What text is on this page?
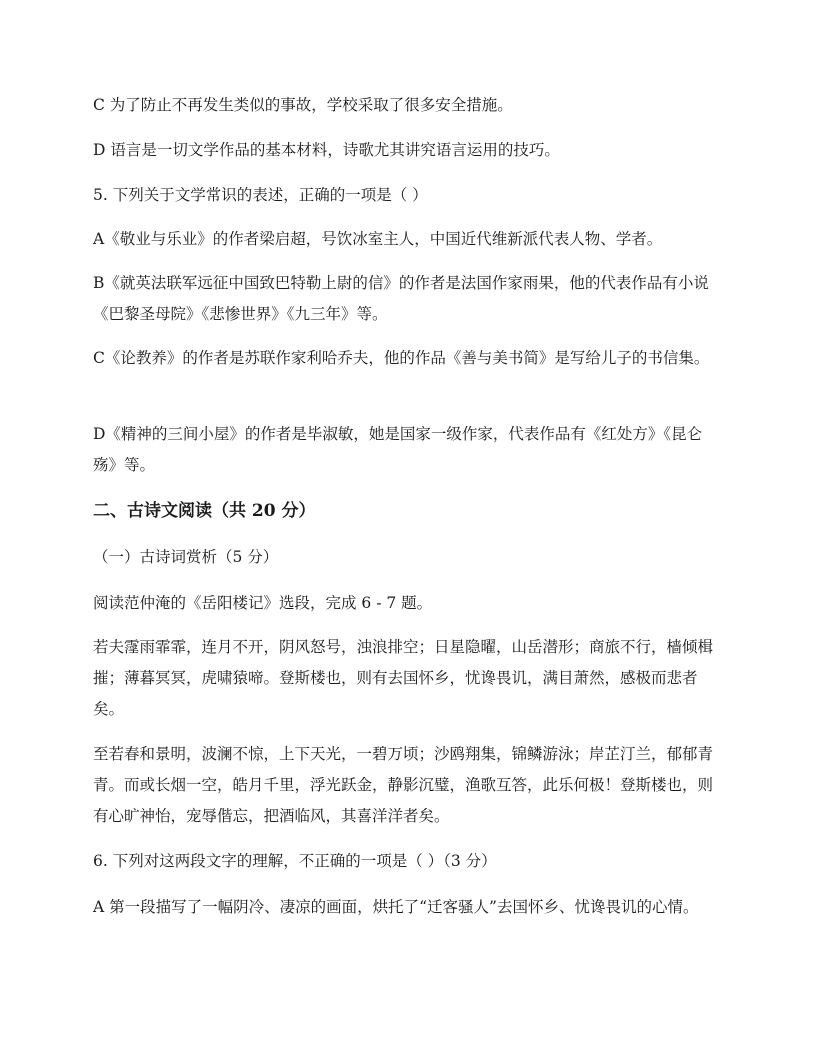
C 为了防止不再发生类似的事故，学校采取了很多安全措施。

D 语言是一切文学作品的基本材料，诗歌尤其讲究语言运用的技巧。

5. 下列关于文学常识的表述，正确的一项是（ ）

A《敬业与乐业》的作者梁启超，号饮冰室主人，中国近代维新派代表人物、学者。

B《就英法联军远征中国致巴特勒上尉的信》的作者是法国作家雨果，他的代表作品有小说《巴黎圣母院》《悲惨世界》《九三年》等。

C《论教养》的作者是苏联作家利哈乔夫，他的作品《善与美书简》是写给儿子的书信集。

D《精神的三间小屋》的作者是毕淑敏，她是国家一级作家，代表作品有《红处方》《昆仑殇》等。

二、古诗文阅读（共 20 分）

（一）古诗词赏析（5 分）

阅读范仲淹的《岳阳楼记》选段，完成 6 - 7 题。

若夫霪雨霏霏，连月不开，阴风怒号，浊浪排空；日星隐曜，山岳潜形；商旅不行，樯倾楫摧；薄暮冥冥，虎啸猿啼。登斯楼也，则有去国怀乡，忧谗畏讥，满目萧然，感极而悲者矣。

至若春和景明，波澜不惊，上下天光，一碧万顷；沙鸥翔集，锦鳞游泳；岸芷汀兰，郁郁青青。而或长烟一空，皓月千里，浮光跃金，静影沉璧，渔歌互答，此乐何极！登斯楼也，则有心旷神怡，宠辱偕忘，把酒临风，其喜洋洋者矣。

6. 下列对这两段文字的理解，不正确的一项是（ ）（3 分）

A 第一段描写了一幅阴冷、凄凉的画面，烘托了“迁客骚人”去国怀乡、忧谗畏讥的心情。
